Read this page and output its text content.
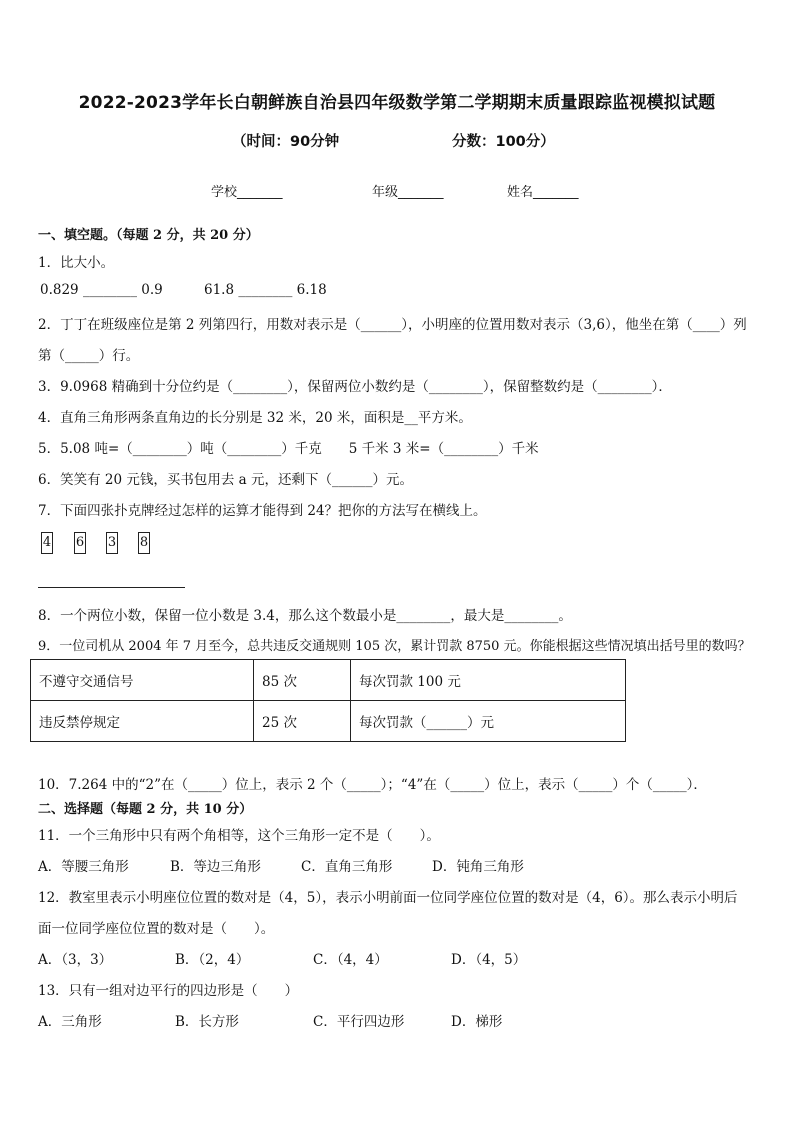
2022-2023学年长白朝鲜族自治县四年级数学第二学期期末质量跟踪监视模拟试题
（时间：90分钟	分数：100分）
学校_______	年级_______	姓名_______
一、填空题。（每题 2 分，共 20 分）
1．比大小。
0.829 ________ 0.9	61.8 ________ 6.18
2．丁丁在班级座位是第 2 列第四行，用数对表示是（______），小明座的位置用数对表示（3,6），他坐在第（____）列
第（_____）行。
3．9.0968 精确到十分位约是（________），保留两位小数约是（________），保留整数约是（________）．
4．直角三角形两条直角边的长分别是 32 米，20 米，面积是__平方米。
5．5.08 吨=（________）吨（________）千克　　5 千米 3 米=（________）千米
6．笑笑有 20 元钱，买书包用去 a 元，还剩下（______）元。
7．下面四张扑克牌经过怎样的运算才能得到 24？把你的方法写在横线上。
4 6 3 8
8．一个两位小数，保留一位小数是 3.4，那么这个数最小是________，最大是________。
9．一位司机从 2004 年 7 月至今，总共违反交通规则 105 次，累计罚款 8750 元。你能根据这些情况填出括号里的数吗？
不遵守交通信号	85 次	每次罚款 100 元
违反禁停规定	25 次	每次罚款（______）元
10．7.264 中的“2”在（_____）位上，表示 2 个（_____）；“4”在（_____）位上，表示（_____）个（_____）．
二、选择题（每题 2 分，共 10 分）
11．一个三角形中只有两个角相等，这个三角形一定不是（　　）。
A．等腰三角形	B．等边三角形	C．直角三角形	D．钝角三角形
12．教室里表示小明座位位置的数对是（4，5），表示小明前面一位同学座位位置的数对是（4，6）。那么表示小明后
面一位同学座位位置的数对是（　　）。
A．（3，3）	B．（2，4）	C．（4，4）	D．（4，5）
13．只有一组对边平行的四边形是（　　）
A．三角形	B．长方形	C．平行四边形	D．梯形
